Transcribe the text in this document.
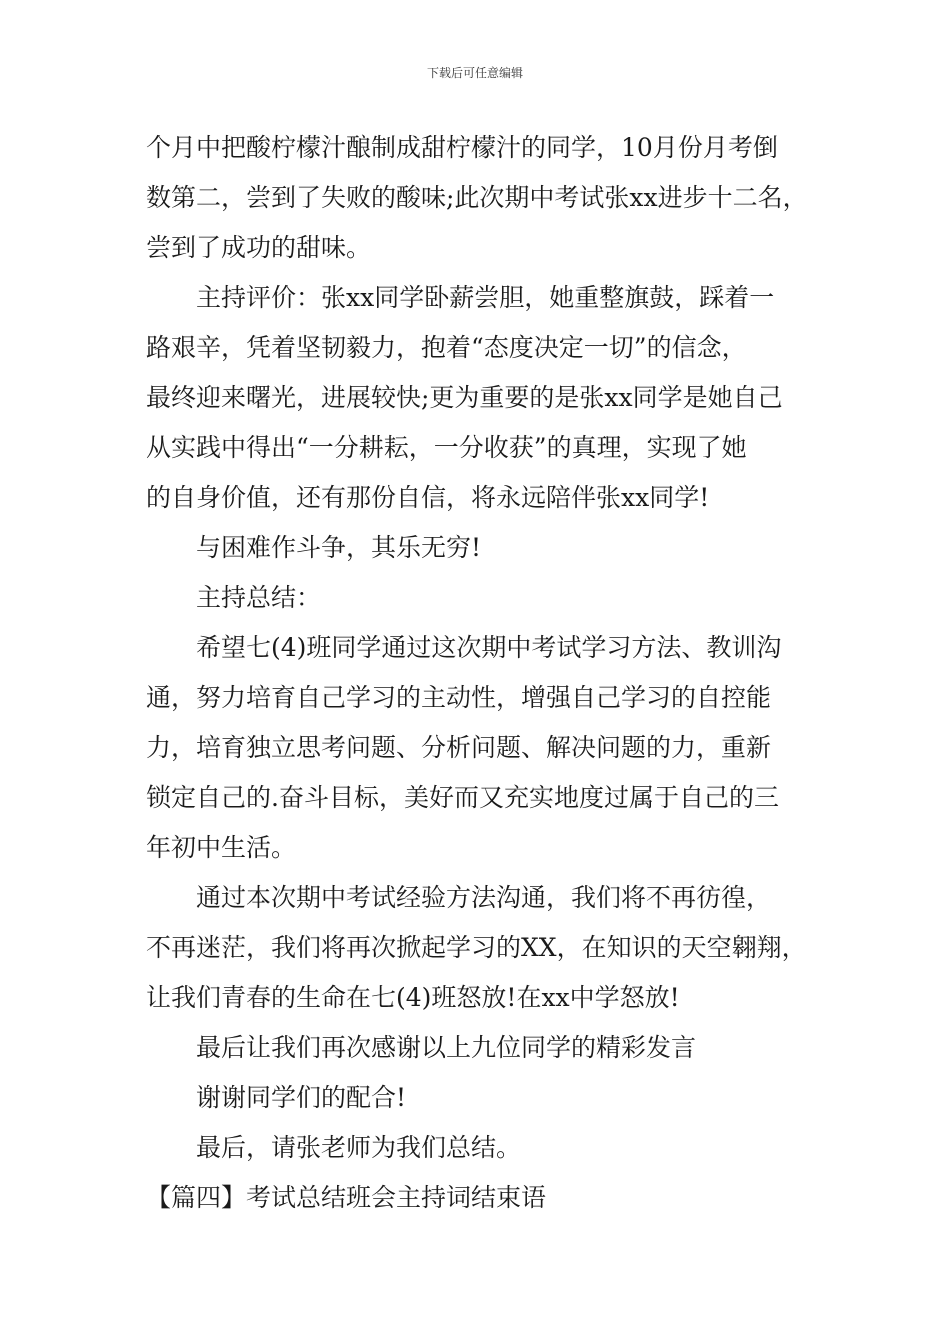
下载后可任意编辑
个月中把酸柠檬汁酿制成甜柠檬汁的同学，10月份月考倒
数第二，尝到了失败的酸味;此次期中考试张xx进步十二名，
尝到了成功的甜味。
主持评价：张xx同学卧薪尝胆，她重整旗鼓，踩着一
路艰辛，凭着坚韧毅力，抱着“态度决定一切”的信念，
最终迎来曙光，进展较快;更为重要的是张xx同学是她自己
从实践中得出“一分耕耘，一分收获”的真理，实现了她
的自身价值，还有那份自信，将永远陪伴张xx同学!
与困难作斗争，其乐无穷!
主持总结：
希望七(4)班同学通过这次期中考试学习方法、教训沟
通，努力培育自己学习的主动性，增强自己学习的自控能
力，培育独立思考问题、分析问题、解决问题的力，重新
锁定自己的.奋斗目标，美好而又充实地度过属于自己的三
年初中生活。
通过本次期中考试经验方法沟通，我们将不再彷徨，
不再迷茫，我们将再次掀起学习的XX，在知识的天空翱翔，
让我们青春的生命在七(4)班怒放!在xx中学怒放!
最后让我们再次感谢以上九位同学的精彩发言
谢谢同学们的配合!
最后，请张老师为我们总结。
【篇四】考试总结班会主持词结束语
